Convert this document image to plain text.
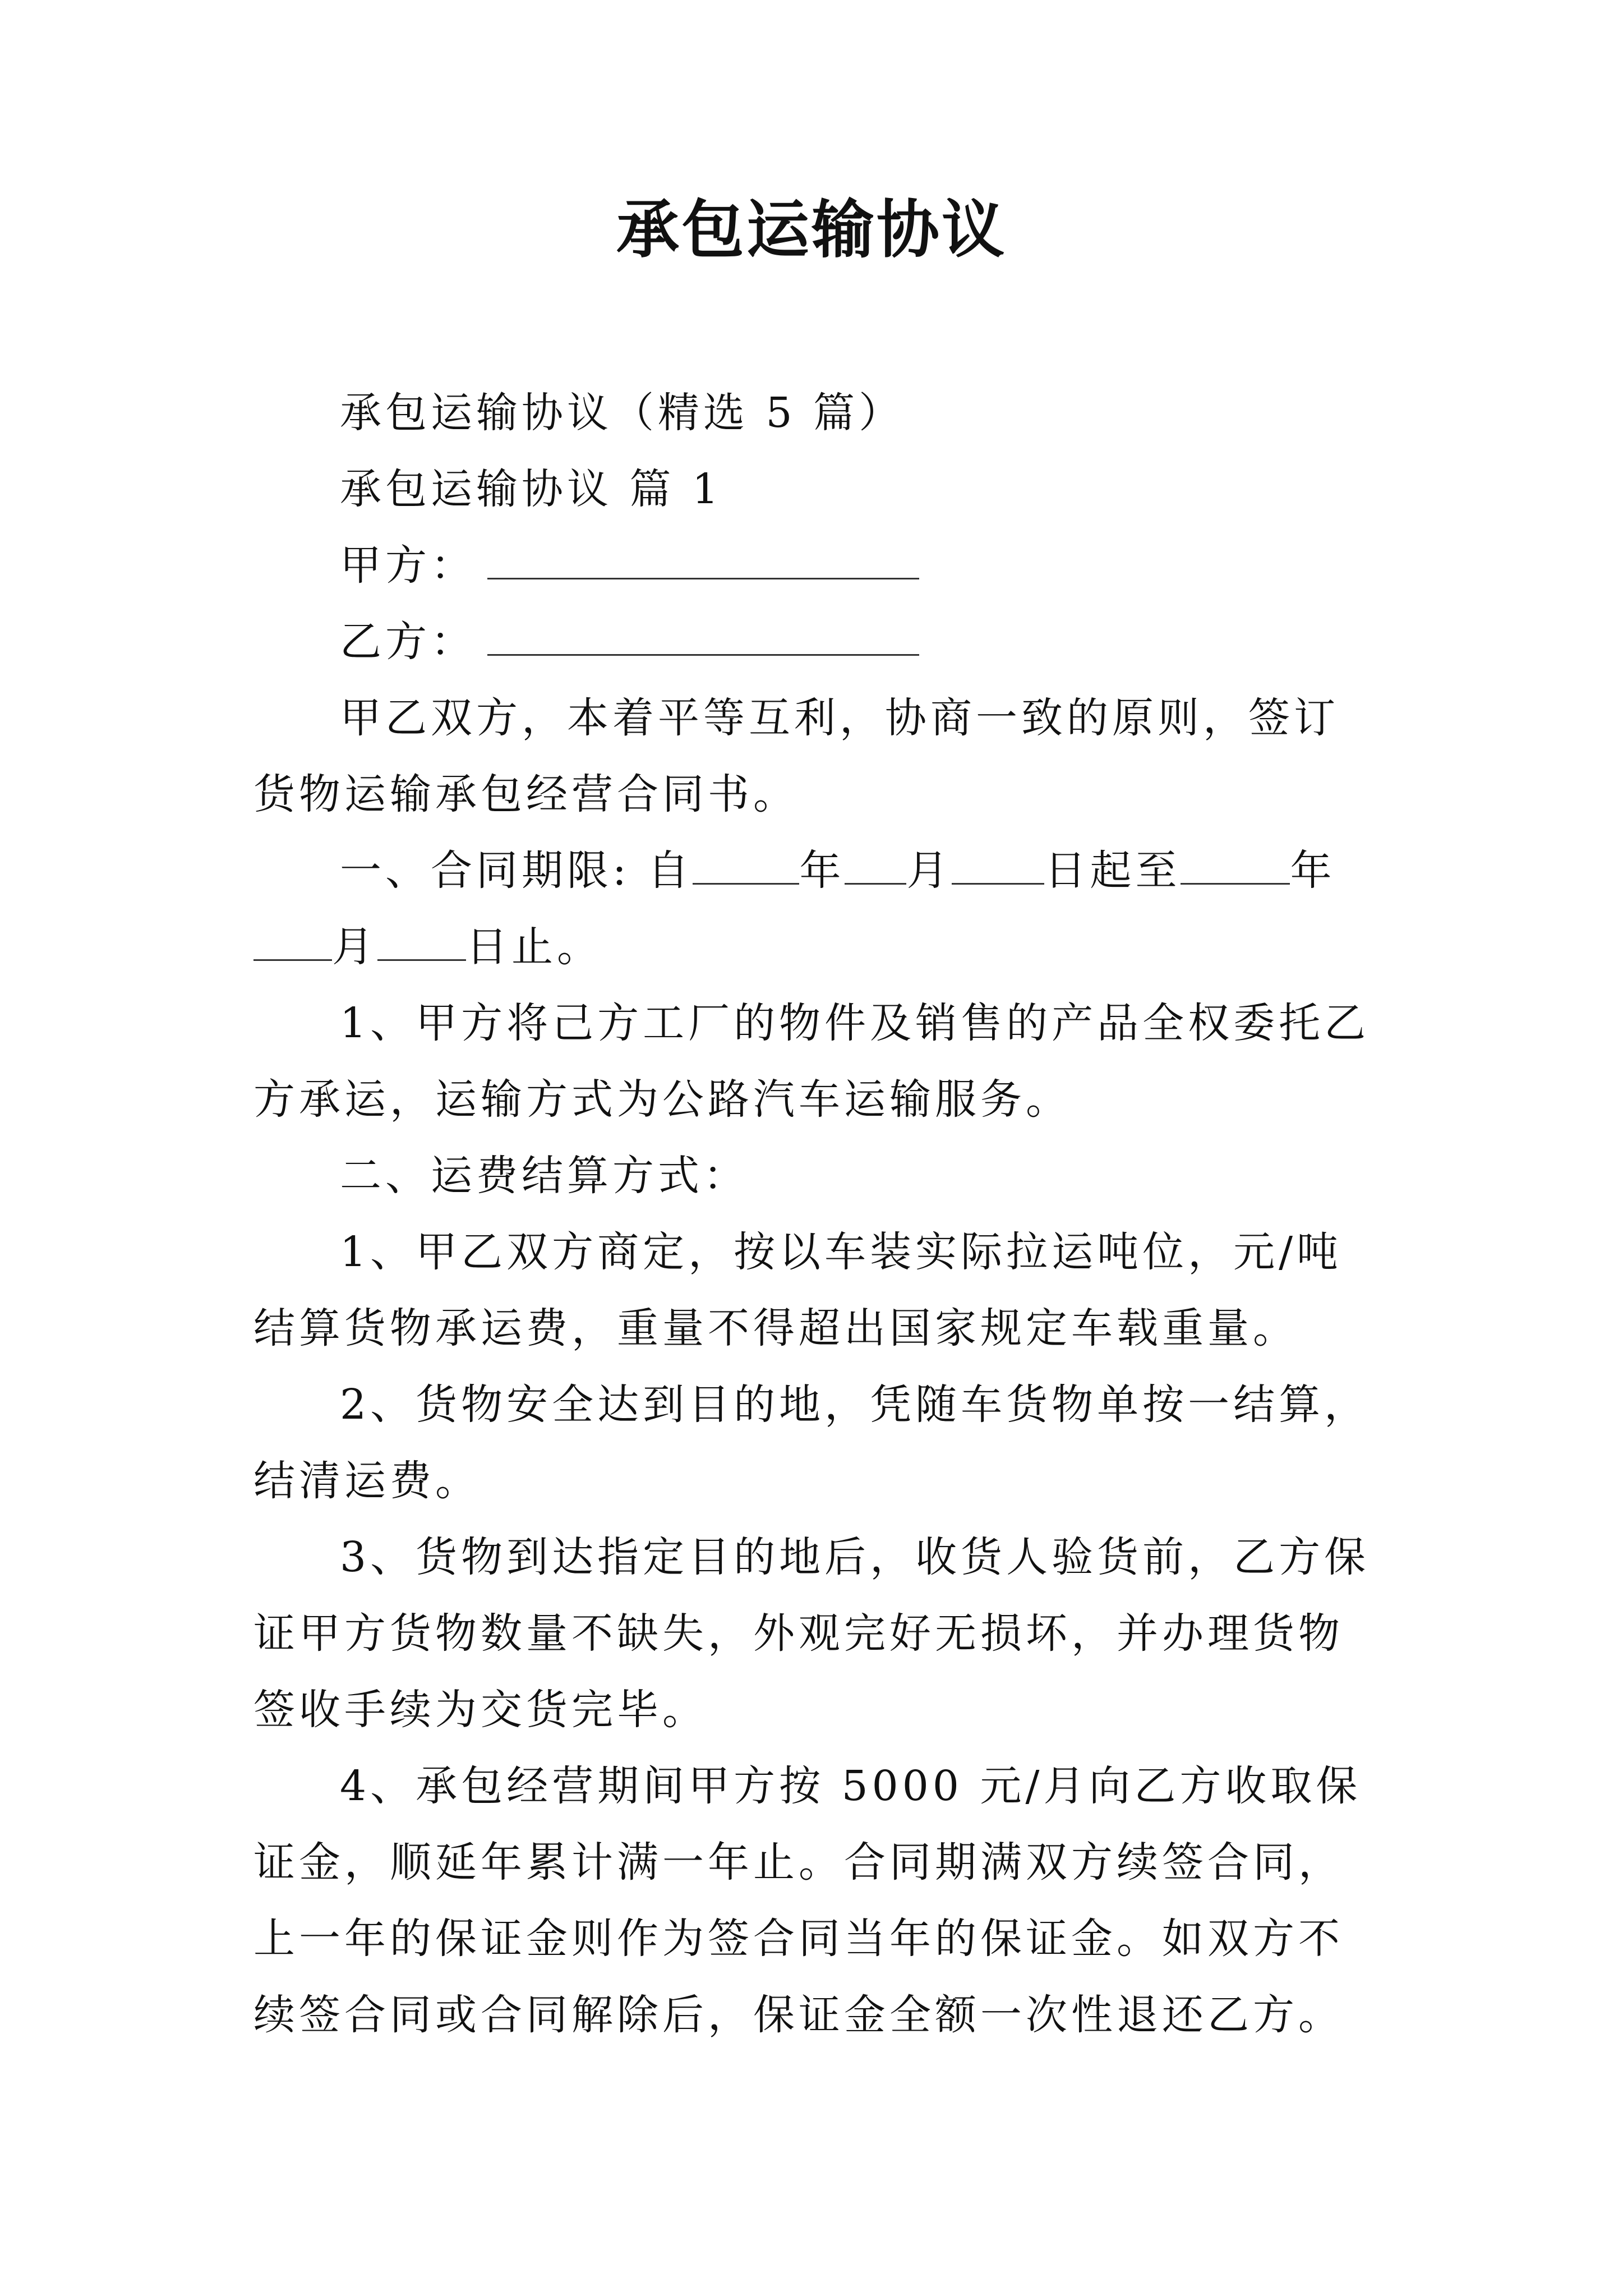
承包运输协议

承包运输协议（精选 5 篇）

承包运输协议 篇 1

甲方：

乙方：

甲乙双方，本着平等互利，协商一致的原则，签订货物运输承包经营合同书。

一、合同期限: 自	年 月 日起至	年月 日止。

1、甲方将己方工厂的物件及销售的产品全权委托乙方承运，运输方式为公路汽车运输服务。

二、运费结算方式：

1、甲乙双方商定，按以车装实际拉运吨位，元/吨结算货物承运费，重量不得超出国家规定车载重量。

2、货物安全达到目的地，凭随车货物单按一结算，结清运费。

3、货物到达指定目的地后，收货人验货前，乙方保证甲方货物数量不缺失，外观完好无损坏，并办理货物签收手续为交货完毕。

4、承包经营期间甲方按 5000 元/月向乙方收取保证金，顺延年累计满一年止。合同期满双方续签合同，上一年的保证金则作为签合同当年的保证金。如双方不续签合同或合同解除后，保证金全额一次性退还乙方。
